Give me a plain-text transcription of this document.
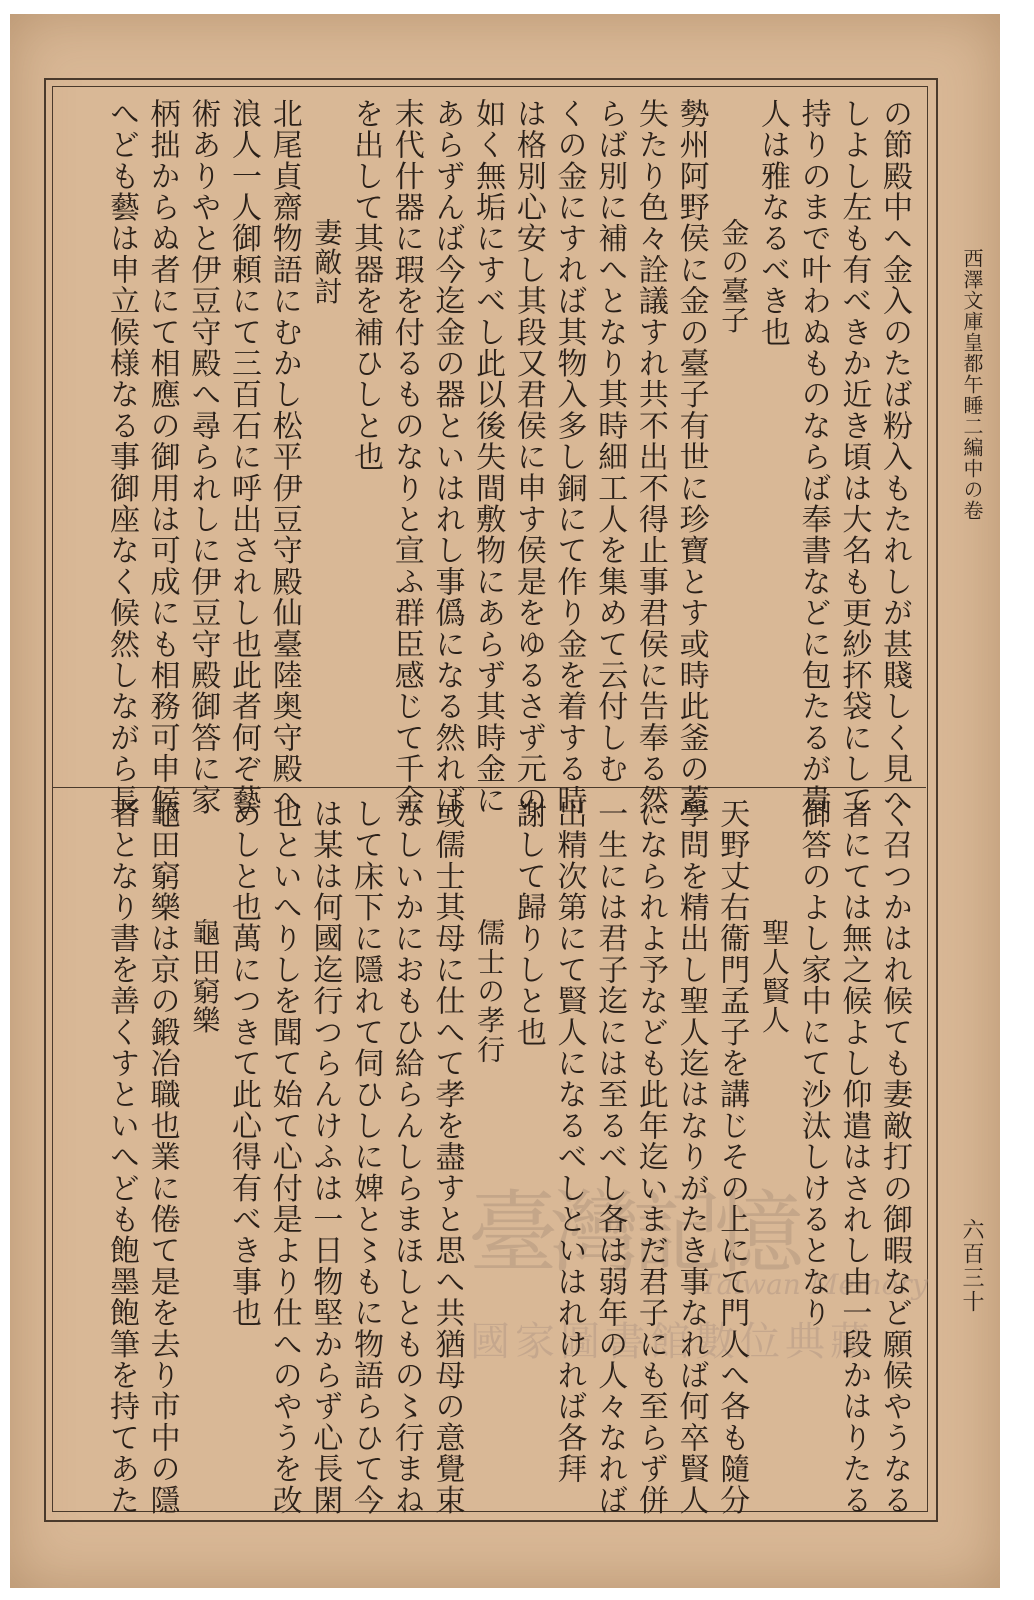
西澤文庫皇都午睡二編中の卷
六百三十
臺灣記憶
Taiwan Memory
國家圖書館數位典藏
の節殿中へ金入のたば粉入もたれしが甚賤しく見へ
しよし左も有べきか近き頃は大名も更紗抔袋にして
持りのまで叶わぬものならば奉書などに包たるが貴
人は雅なるべき也
金の臺子
勢州阿野侯に金の臺子有世に珍寶とす或時此釜の蓋
失たり色々詮議すれ共不出不得止事君侯に告奉る然
らば別に補へとなり其時細工人を集めて云付しむ
くの金にすれば其物入多し銅にて作り金を着する時
は格別心安し其段又君侯に申す侯是をゆるさず元の
如く無垢にすべし此以後失間敷物にあらず其時金に
あらずんば今迄金の器といはれし事僞になる然れば
末代什器に瑕を付るものなりと宣ふ群臣感じて千金
を出して其器を補ひしと也
妻敵討
北尾貞齋物語にむかし松平伊豆守殿仙臺陸奥守殿へ
浪人一人御頼にて三百石に呼出されし也此者何ぞ藝
術ありやと伊豆守殿へ尋られしに伊豆守殿御答に家
柄拙からぬ者にて相應の御用は可成にも相務可申候
へども藝は申立候様なる事御座なく候然しながら長
く召つかはれ候ても妻敵打の御暇など願候やうなる
者にては無之候よし仰遣はされし由一段かはりたる
御答のよし家中にて沙汰しけるとなり
聖人賢人
天野丈右衞門孟子を講じその上にて門人へ各も隨分
學問を精出し聖人迄はなりがたき事なれば何卒賢人
になられよ予なども此年迄いまだ君子にも至らず併
一生には君子迄には至るべし各は弱年の人々なれば
出精次第にて賢人になるべしといはれければ各拜
謝して歸りしと也
儒士の孝行
或儒士其母に仕へて孝を盡すと思へ共猶母の意覺束
なしいかにおもひ給らんしらまほしともの〻行まね
して床下に隱れて伺ひしに婢と〻もに物語らひて今
は某は何國迄行つらんけふは一日物堅からず心長閑
也といへりしを聞て始て心付是より仕へのやうを改
めしと也萬につきて此心得有べき事也
龜田窮樂
龜田窮樂は京の鍛冶職也業に倦て是を去り市中の隱
者となり書を善くすといへども飽墨飽筆を持てあた
